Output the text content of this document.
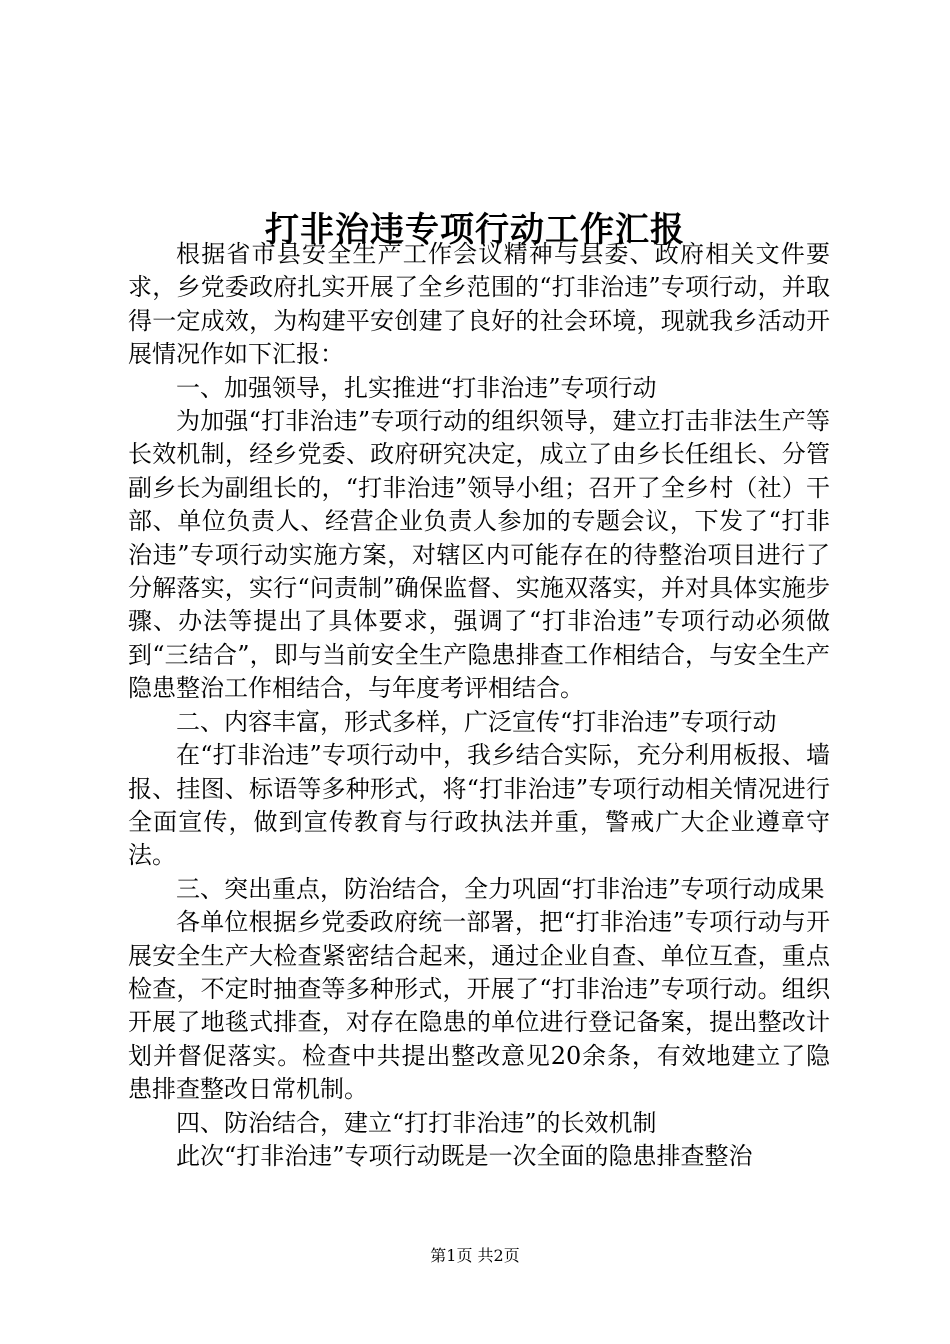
打非治违专项行动工作汇报

根据省市县安全生产工作会议精神与县委、政府相关文件要求，乡党委政府扎实开展了全乡范围的“打非治违”专项行动，并取得一定成效，为构建平安创建了良好的社会环境，现就我乡活动开展情况作如下汇报：

一、加强领导，扎实推进“打非治违”专项行动

为加强“打非治违”专项行动的组织领导，建立打击非法生产等长效机制，经乡党委、政府研究决定，成立了由乡长任组长、分管副乡长为副组长的，“打非治违”领导小组；召开了全乡村（社）干部、单位负责人、经营企业负责人参加的专题会议，下发了“打非治违”专项行动实施方案，对辖区内可能存在的待整治项目进行了分解落实，实行“问责制”确保监督、实施双落实，并对具体实施步骤、办法等提出了具体要求，强调了“打非治违”专项行动必须做到“三结合”，即与当前安全生产隐患排查工作相结合，与安全生产隐患整治工作相结合，与年度考评相结合。

二、内容丰富，形式多样，广泛宣传“打非治违”专项行动

在“打非治违”专项行动中，我乡结合实际，充分利用板报、墙报、挂图、标语等多种形式，将“打非治违”专项行动相关情况进行全面宣传，做到宣传教育与行政执法并重，警戒广大企业遵章守法。

三、突出重点，防治结合，全力巩固“打非治违”专项行动成果

各单位根据乡党委政府统一部署，把“打非治违”专项行动与开展安全生产大检查紧密结合起来，通过企业自查、单位互查，重点检查，不定时抽查等多种形式，开展了“打非治违”专项行动。组织开展了地毯式排查，对存在隐患的单位进行登记备案，提出整改计划并督促落实。检查中共提出整改意见20余条，有效地建立了隐患排查整改日常机制。

四、防治结合，建立“打打非治违”的长效机制

此次“打非治违”专项行动既是一次全面的隐患排查整治

第1页 共2页
